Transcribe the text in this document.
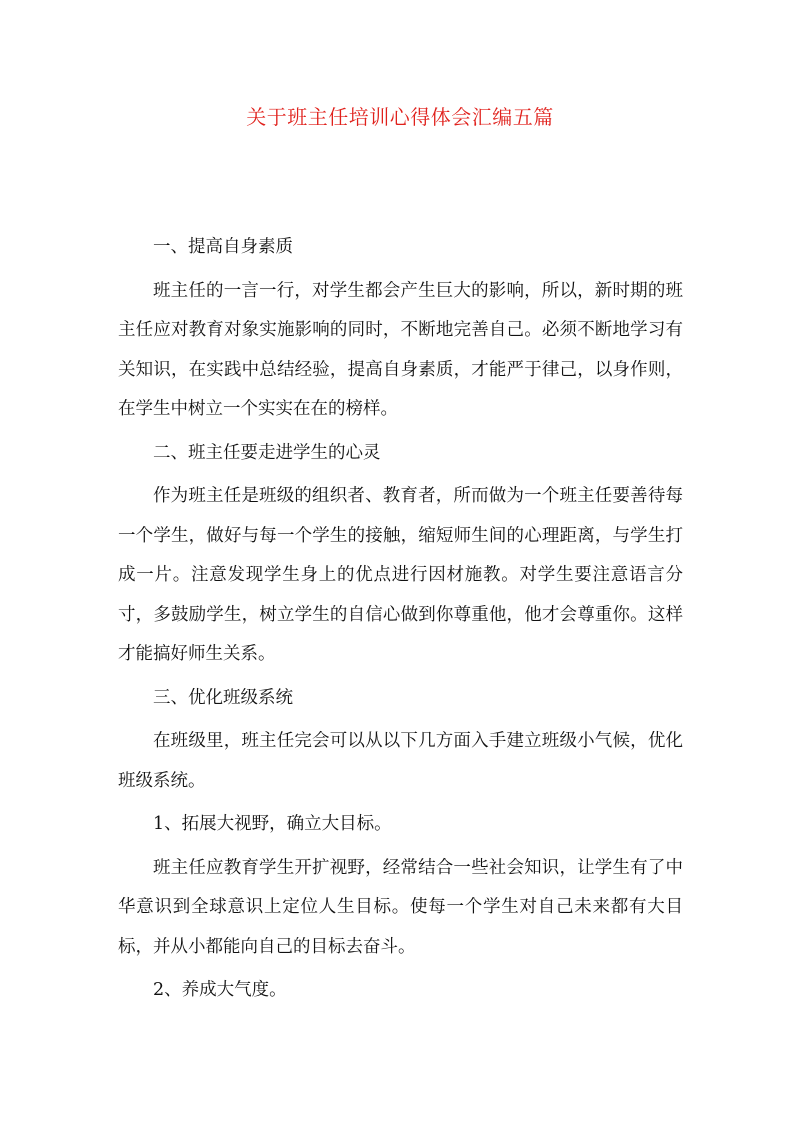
关于班主任培训心得体会汇编五篇

一、提高自身素质

班主任的一言一行，对学生都会产生巨大的影响，所以，新时期的班主任应对教育对象实施影响的同时，不断地完善自己。必须不断地学习有关知识，在实践中总结经验，提高自身素质，才能严于律己，以身作则，在学生中树立一个实实在在的榜样。

二、班主任要走进学生的心灵

作为班主任是班级的组织者、教育者，所而做为一个班主任要善待每一个学生，做好与每一个学生的接触，缩短师生间的心理距离，与学生打成一片。注意发现学生身上的优点进行因材施教。对学生要注意语言分寸，多鼓励学生，树立学生的自信心做到你尊重他，他才会尊重你。这样才能搞好师生关系。

三、优化班级系统

在班级里，班主任完会可以从以下几方面入手建立班级小气候，优化班级系统。

1、拓展大视野，确立大目标。

班主任应教育学生开扩视野，经常结合一些社会知识，让学生有了中华意识到全球意识上定位人生目标。使每一个学生对自己未来都有大目标，并从小都能向自己的目标去奋斗。

2、养成大气度。
